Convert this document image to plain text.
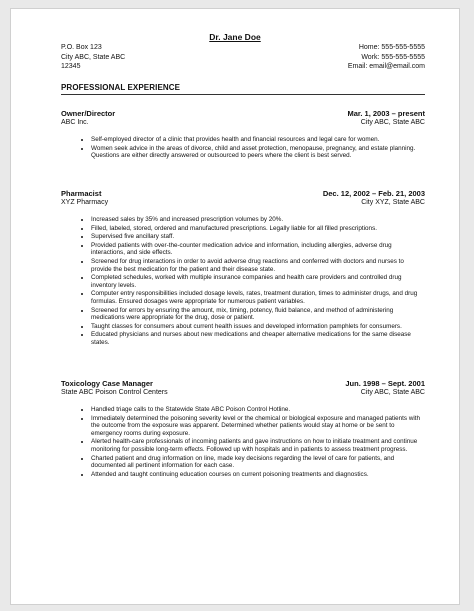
Dr. Jane Doe
P.O. Box 123
City ABC, State ABC
12345
Home: 555-555-5555
Work: 555-555-5555
Email: email@email.com
PROFESSIONAL EXPERIENCE
Owner/Director	Mar. 1, 2003 – present
ABC Inc.	City ABC, State ABC
• Self-employed director of a clinic that provides health and financial resources and legal care for women.
• Women seek advice in the areas of divorce, child and asset protection, menopause, pregnancy, and estate planning. Questions are either directly answered or outsourced to peers where the client is best served.
Pharmacist	Dec. 12, 2002 – Feb. 21, 2003
XYZ Pharmacy	City XYZ, State ABC
• Increased sales by 35% and increased prescription volumes by 20%.
• Filled, labeled, stored, ordered and manufactured prescriptions. Legally liable for all filled prescriptions.
• Supervised five ancillary staff.
• Provided patients with over-the-counter medication advice and information, including allergies, adverse drug interactions, and side effects.
• Screened for drug interactions in order to avoid adverse drug reactions and conferred with doctors and nurses to provide the best medication for the patient and their disease state.
• Completed schedules, worked with multiple insurance companies and health care providers and controlled drug inventory levels.
• Computer entry responsibilities included dosage levels, rates, treatment duration, times to administer drugs, and drug formulas. Ensured dosages were appropriate for numerous patient variables.
• Screened for errors by ensuring the amount, mix, timing, potency, fluid balance, and method of administering medications were appropriate for the drug, dose or patient.
• Taught classes for consumers about current health issues and developed information pamphlets for consumers.
• Educated physicians and nurses about new medications and cheaper alternative medications for the same disease states.
Toxicology Case Manager	Jun. 1998 – Sept. 2001
State ABC Poison Control Centers	City ABC, State ABC
• Handled triage calls to the Statewide State ABC Poison Control Hotline.
• Immediately determined the poisoning severity level or the chemical or biological exposure and managed patients with the outcome from the exposure was apparent. Determined whether patients would stay at home or be sent to emergency rooms during exposure.
• Alerted health-care professionals of incoming patients and gave instructions on how to initiate treatment and continue monitoring for possible long-term effects. Followed up with hospitals and in patients to assess treatment progress.
• Charted patient and drug information on line, made key decisions regarding the level of care for patients, and documented all pertinent information for each case.
• Attended and taught continuing education courses on current poisoning treatments and diagnostics.
